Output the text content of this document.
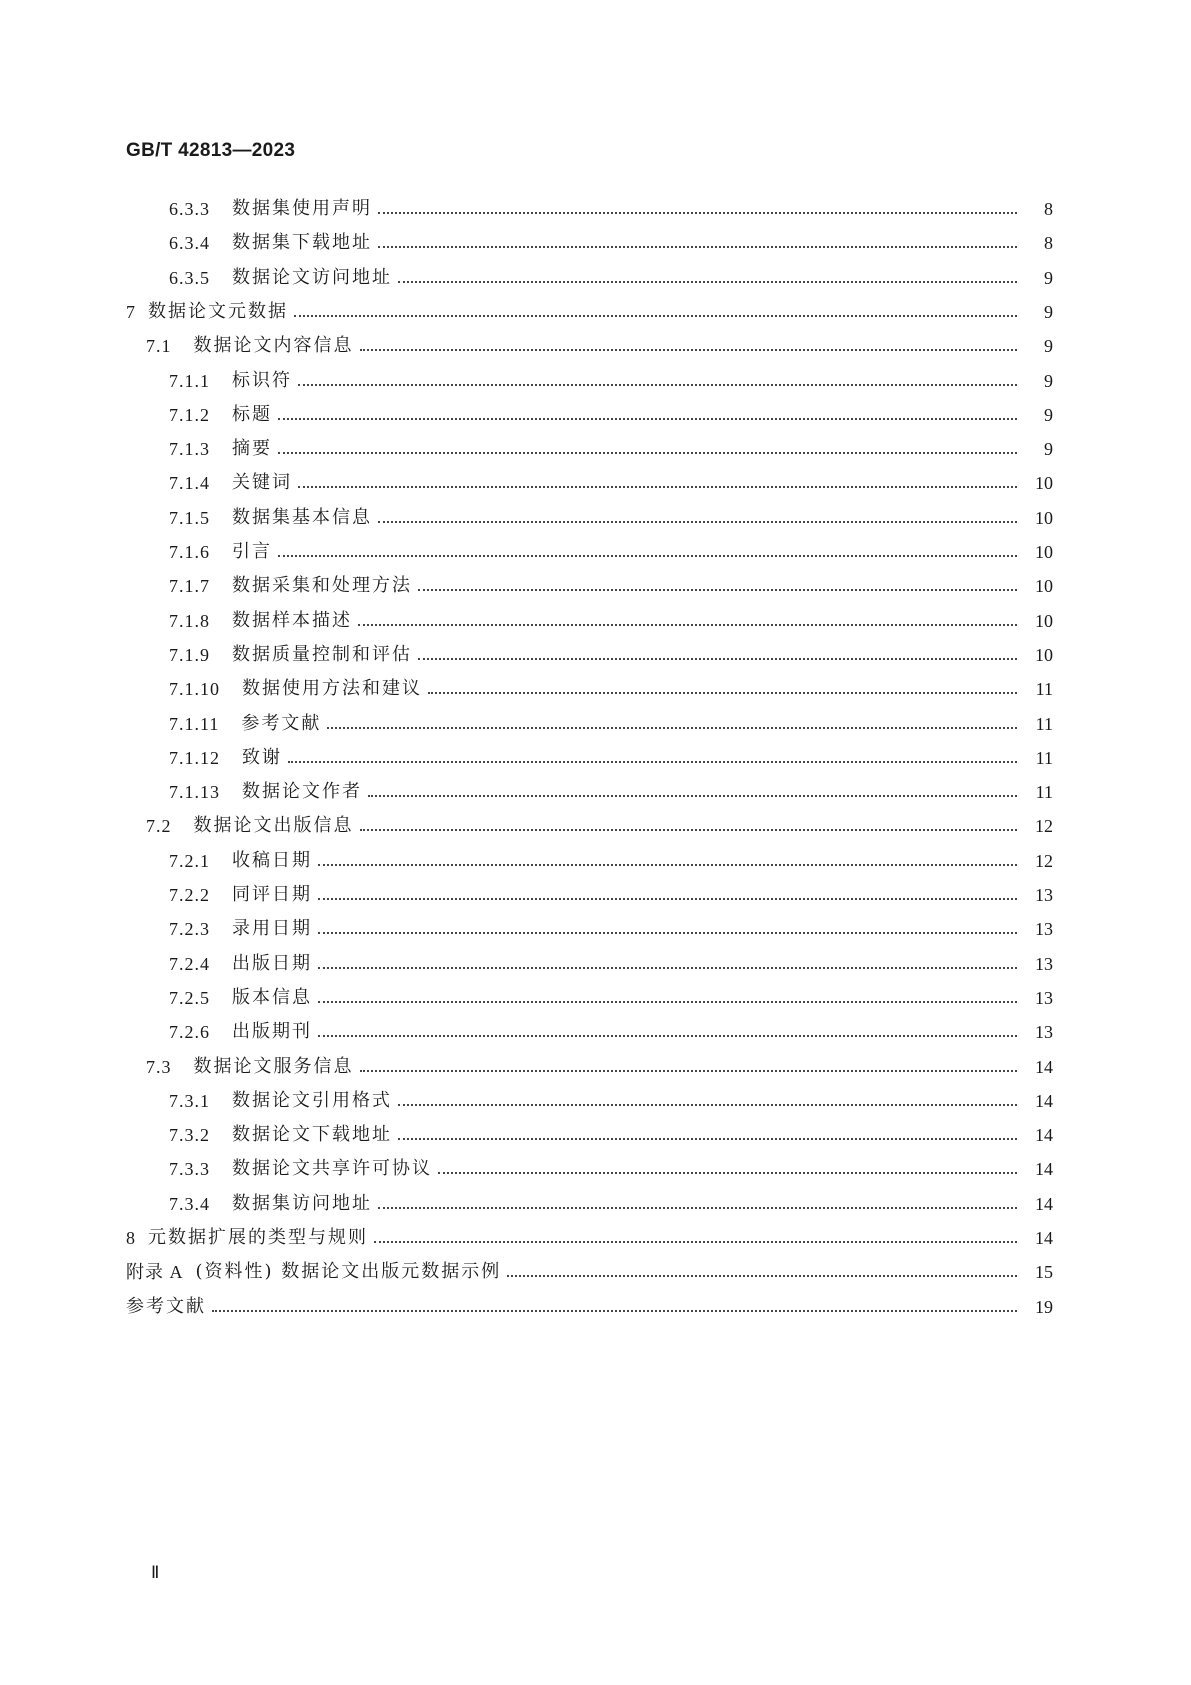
GB/T 42813—2023
6.3.3 数据集使用声明	8
6.3.4 数据集下载地址	8
6.3.5 数据论文访问地址	9
7 数据论文元数据	9
7.1 数据论文内容信息	9
7.1.1 标识符	9
7.1.2 标题	9
7.1.3 摘要	9
7.1.4 关键词	10
7.1.5 数据集基本信息	10
7.1.6 引言	10
7.1.7 数据采集和处理方法	10
7.1.8 数据样本描述	10
7.1.9 数据质量控制和评估	10
7.1.10 数据使用方法和建议	11
7.1.11 参考文献	11
7.1.12 致谢	11
7.1.13 数据论文作者	11
7.2 数据论文出版信息	12
7.2.1 收稿日期	12
7.2.2 同评日期	13
7.2.3 录用日期	13
7.2.4 出版日期	13
7.2.5 版本信息	13
7.2.6 出版期刊	13
7.3 数据论文服务信息	14
7.3.1 数据论文引用格式	14
7.3.2 数据论文下载地址	14
7.3.3 数据论文共享许可协议	14
7.3.4 数据集访问地址	14
8 元数据扩展的类型与规则	14
附录 A (资料性) 数据论文出版元数据示例	15
参考文献	19
Ⅱ
